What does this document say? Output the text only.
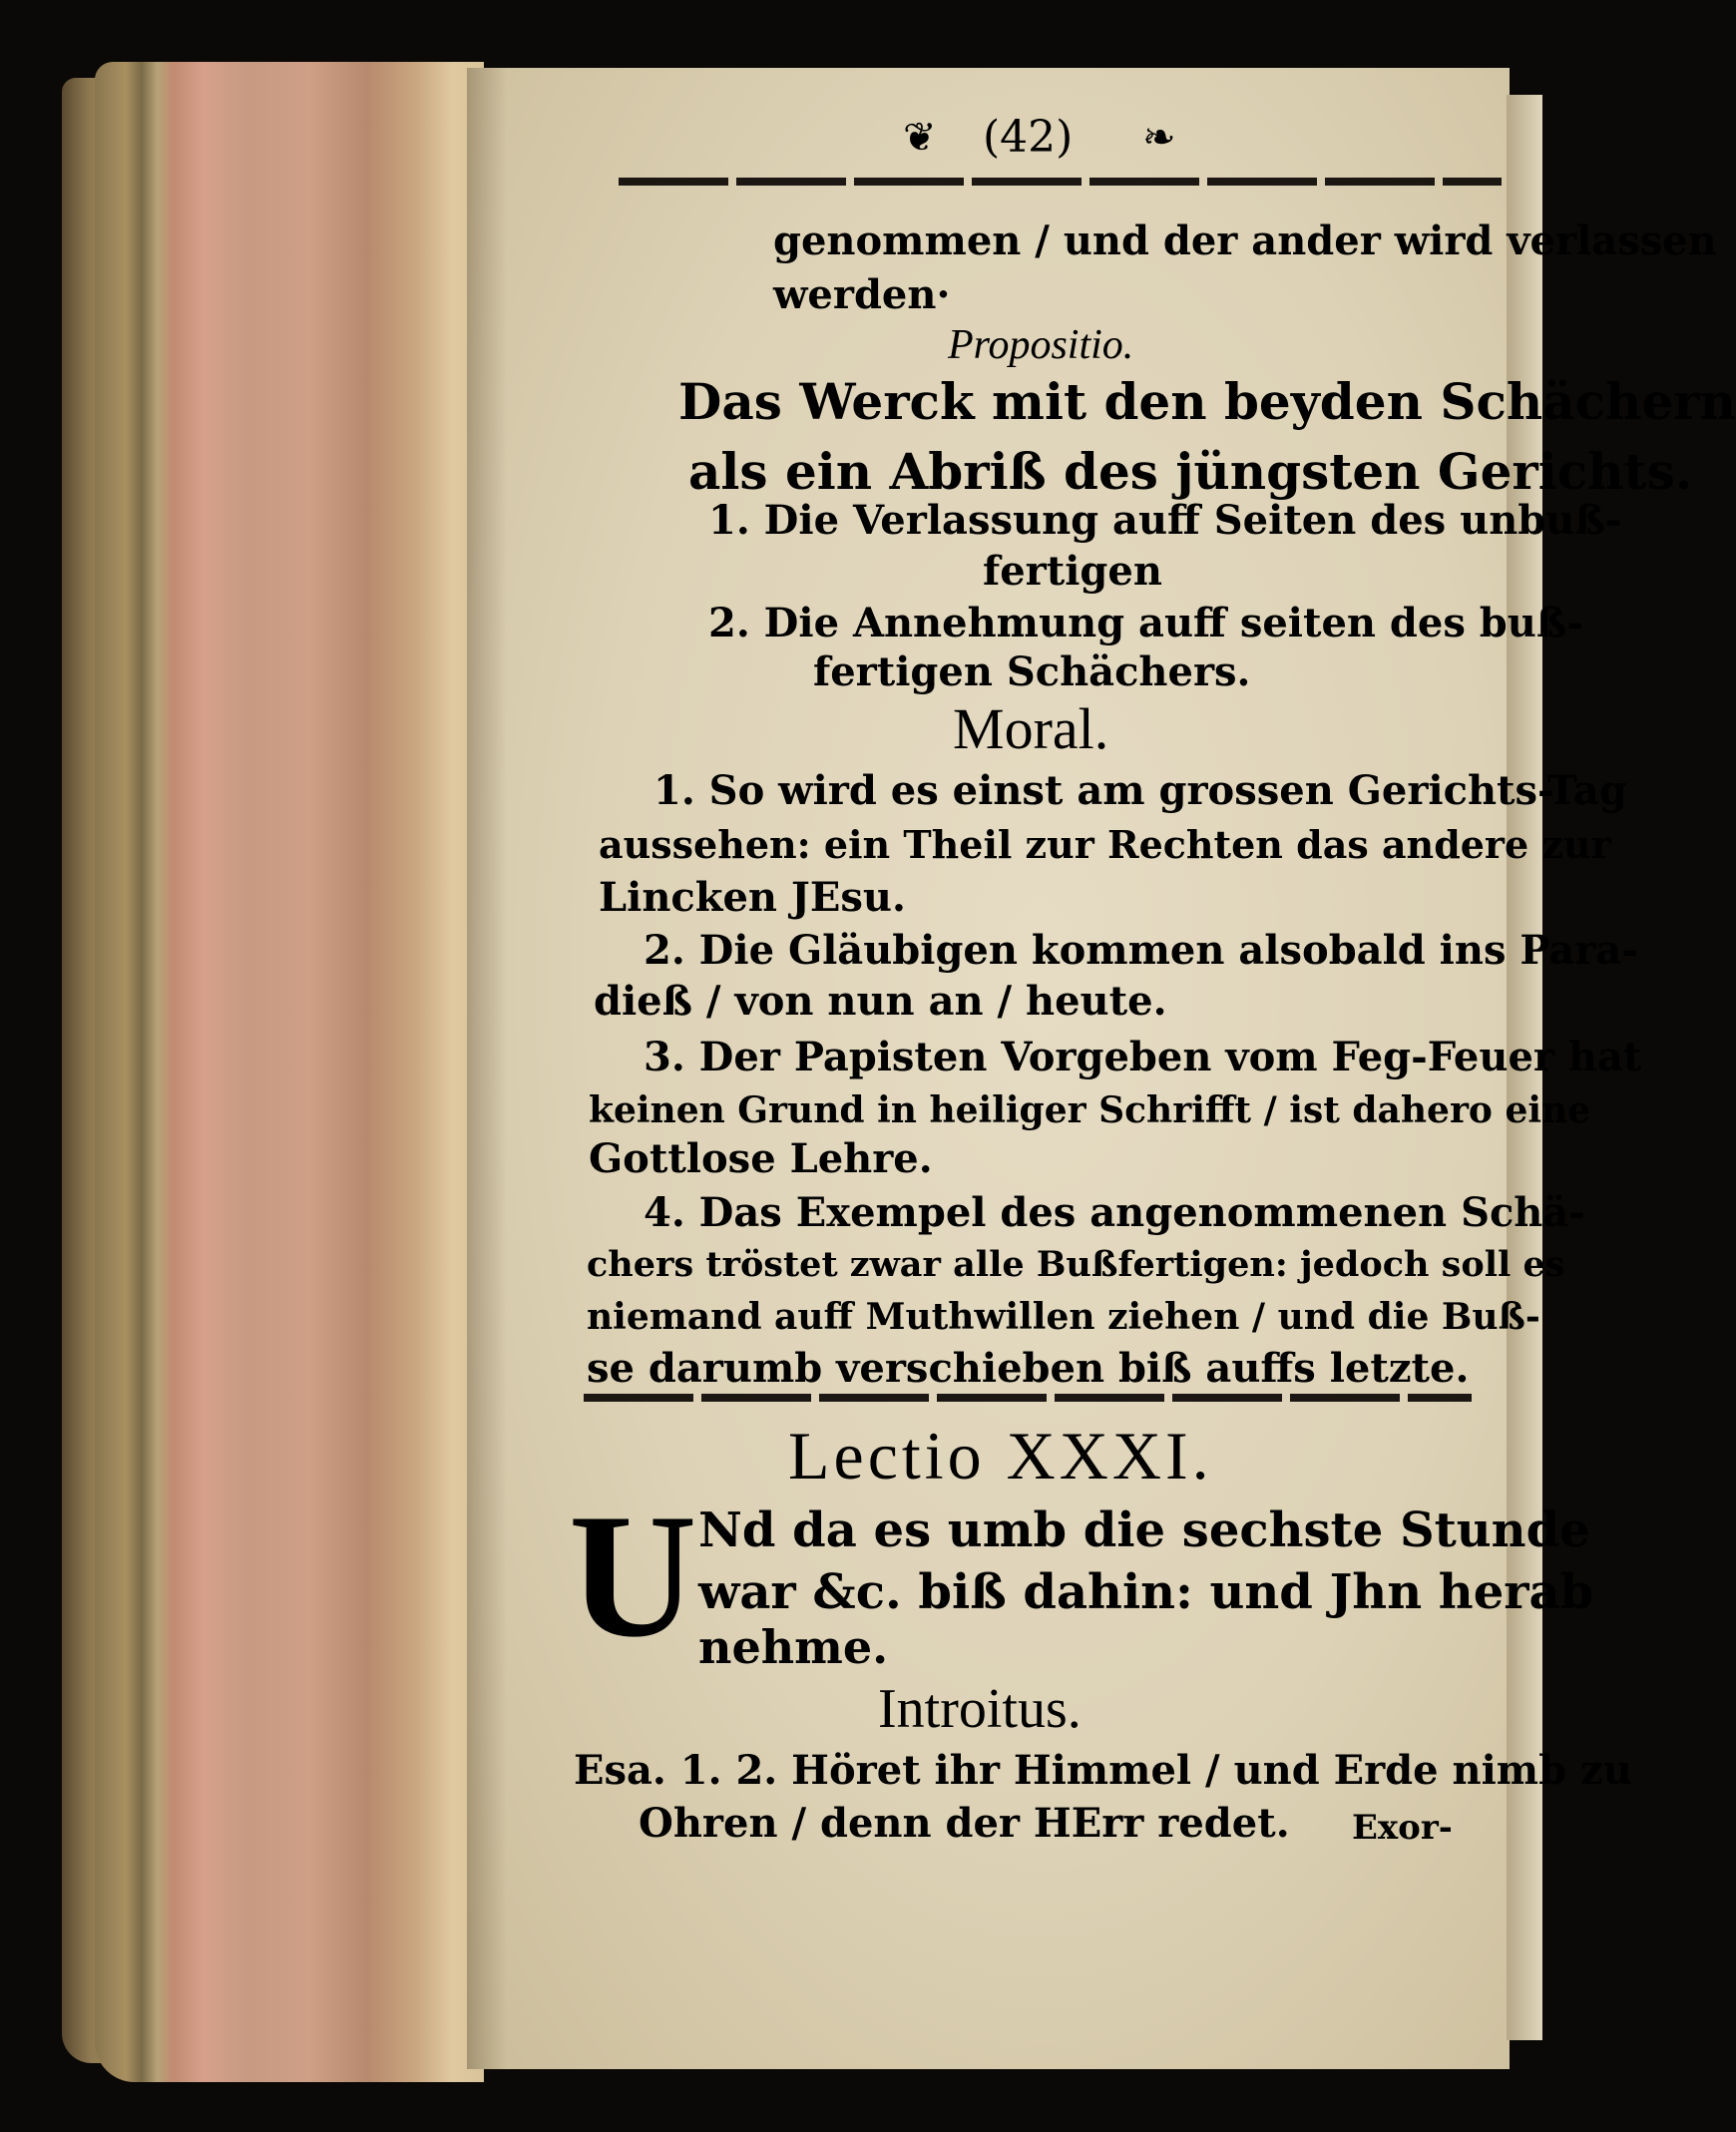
❦ (42) ❧
genommen / und der ander wird verlassen
werden·
Propositio.
Das Werck mit den beyden Schächern
als ein Abriß des jüngsten Gerichts.
1. Die Verlassung auff Seiten des unbuß-
fertigen
2. Die Annehmung auff seiten des buß-
fertigen Schächers.
Moral.
1. So wird es einst am grossen Gerichts-Tag
aussehen: ein Theil zur Rechten das andere zur
Lincken JEsu.
2. Die Gläubigen kommen alsobald ins Para-
dieß / von nun an / heute.
3. Der Papisten Vorgeben vom Feg-Feuer hat
keinen Grund in heiliger Schrifft / ist dahero eine
Gottlose Lehre.
4. Das Exempel des angenommenen Schä-
chers tröstet zwar alle Bußfertigen: jedoch soll es
niemand auff Muthwillen ziehen / und die Buß-
se darumb verschieben biß auffs letzte.
Lectio XXXI.
U Nd da es umb die sechste Stunde
war &c. biß dahin: und Jhn herab
nehme.
Introitus.
Esa. 1. 2. Höret ihr Himmel / und Erde nimb zu
Ohren / denn der HErr redet. Exor-
